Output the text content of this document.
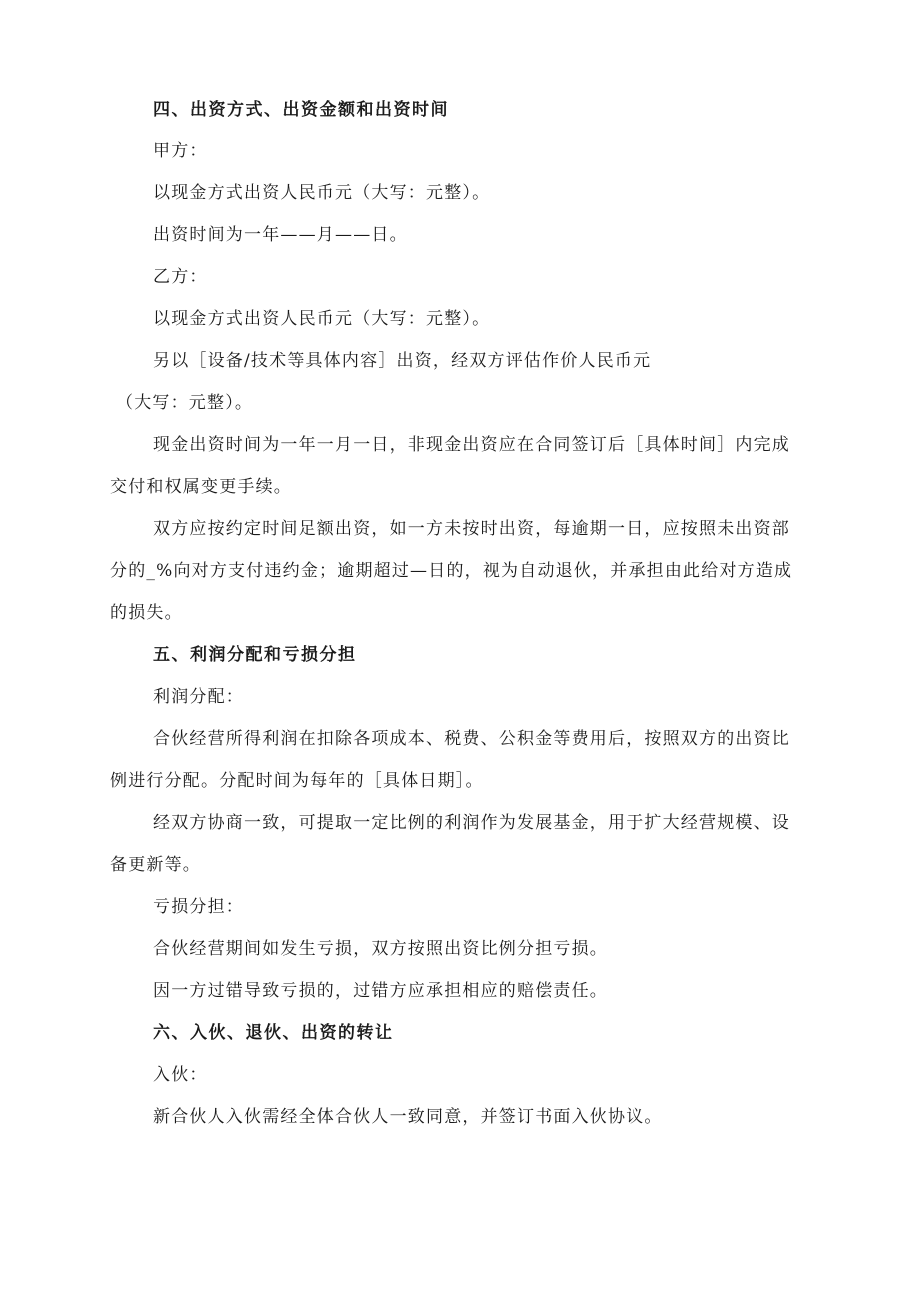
四、出资方式、出资金额和出资时间
甲方：
以现金方式出资人民币元（大写：元整）。
出资时间为一年——月——日。
乙方：
以现金方式出资人民币元（大写：元整）。
另以［设备/技术等具体内容］出资，经双方评估作价人民币元
（大写：元整）。
现金出资时间为一年一月一日，非现金出资应在合同签订后［具体时间］内完成
交付和权属变更手续。
双方应按约定时间足额出资，如一方未按时出资，每逾期一日，应按照未出资部
分的_%向对方支付违约金；逾期超过—日的，视为自动退伙，并承担由此给对方造成
的损失。
五、利润分配和亏损分担
利润分配：
合伙经营所得利润在扣除各项成本、税费、公积金等费用后，按照双方的出资比
例进行分配。分配时间为每年的［具体日期］。
经双方协商一致，可提取一定比例的利润作为发展基金，用于扩大经营规模、设
备更新等。
亏损分担：
合伙经营期间如发生亏损，双方按照出资比例分担亏损。
因一方过错导致亏损的，过错方应承担相应的赔偿责任。
六、入伙、退伙、出资的转让
入伙：
新合伙人入伙需经全体合伙人一致同意，并签订书面入伙协议。
